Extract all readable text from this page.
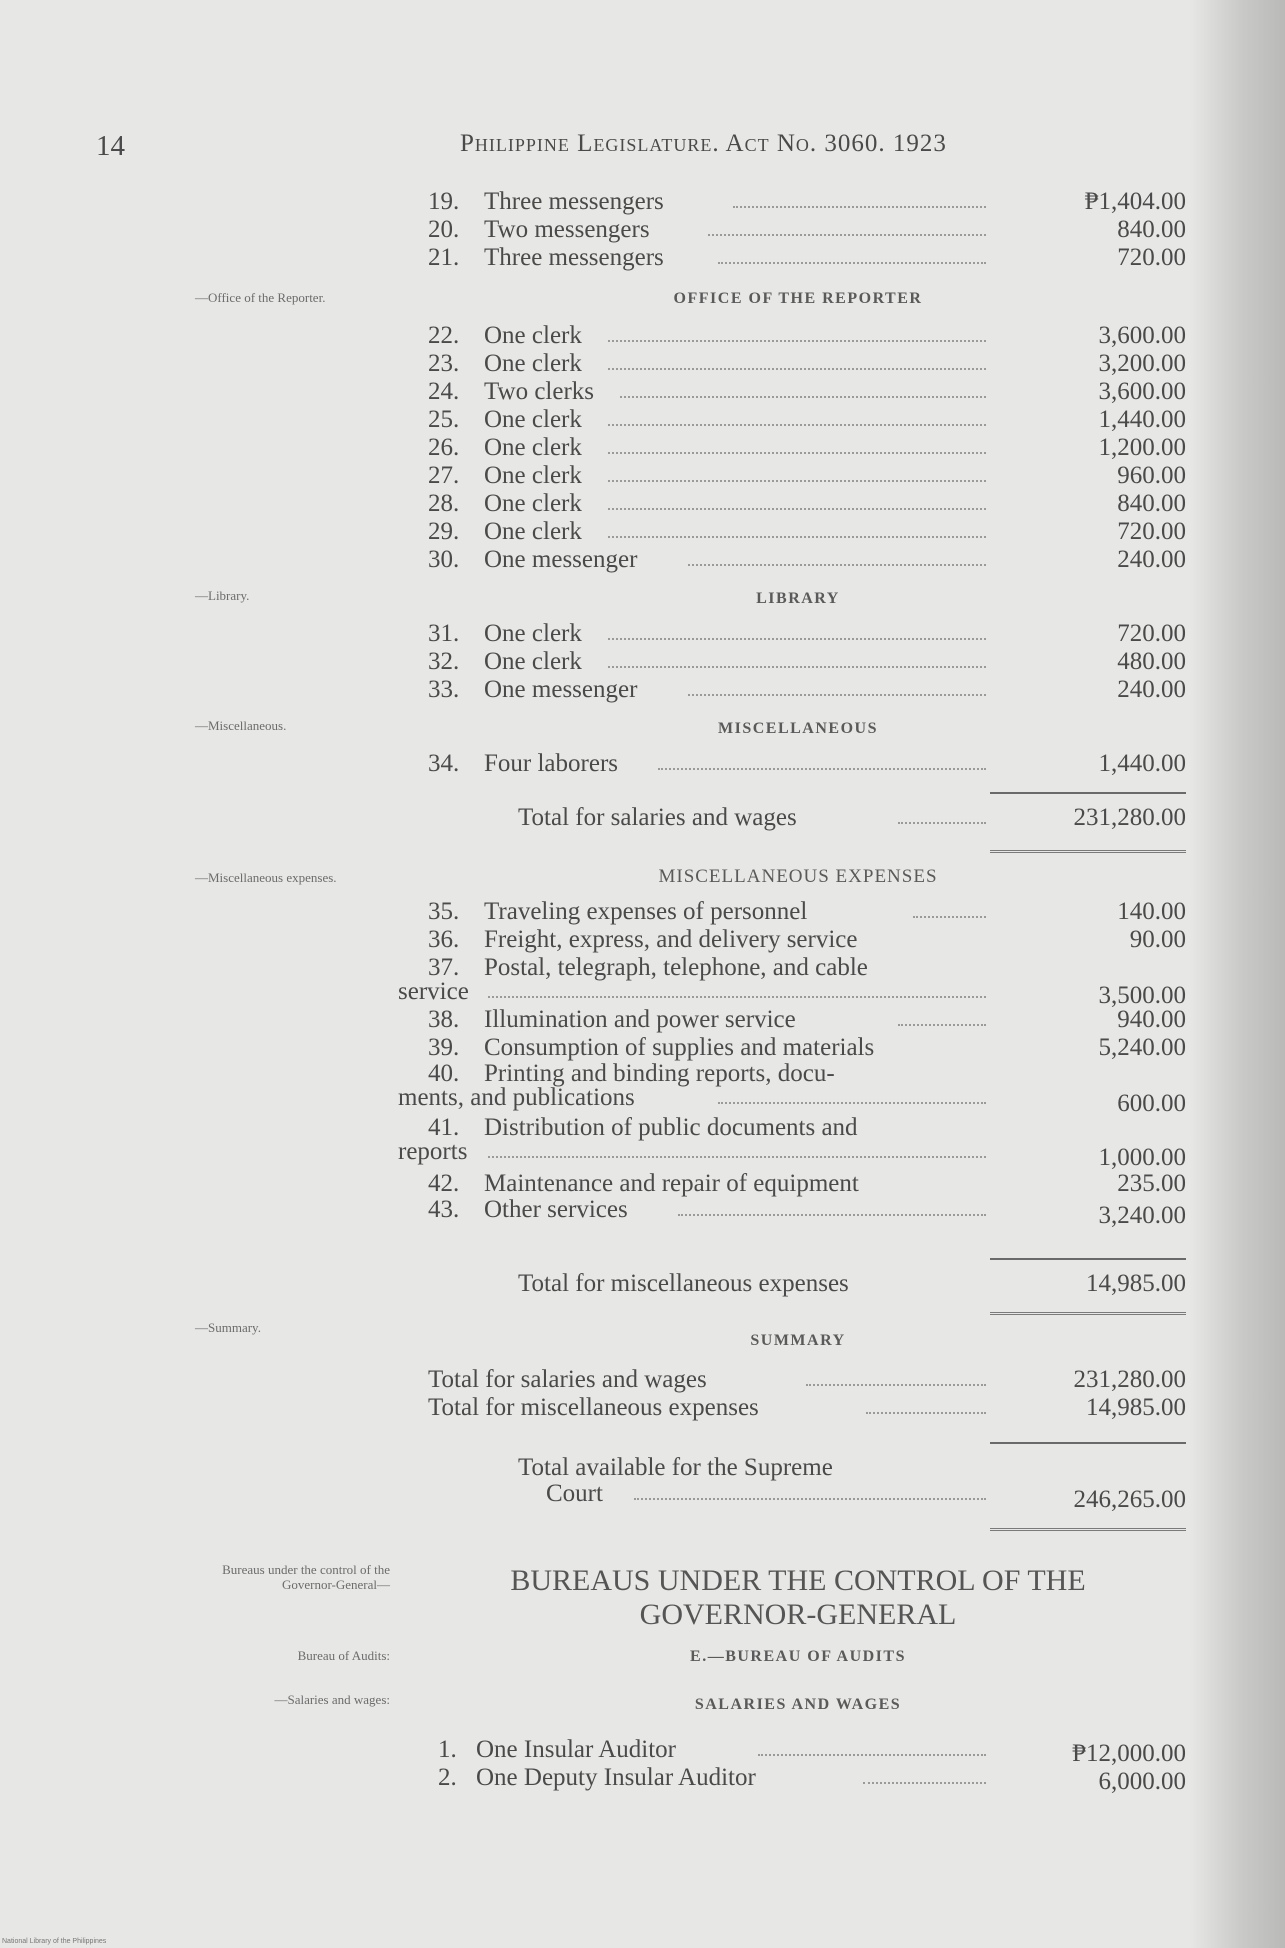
14	Philippine Legislature. Act No. 3060. 1923
—Office of the Reporter.
—Library.
—Miscellaneous.
—Miscellaneous expenses.
—Summary.
Bureaus under the control of the Governor-General—
Bureau of Audits:
—Salaries and wages:
19. Three messengers	₱1,404.00
20. Two messengers	840.00
21. Three messengers	720.00
OFFICE OF THE REPORTER
22. One clerk	3,600.00
23. One clerk	3,200.00
24. Two clerks	3,600.00
25. One clerk	1,440.00
26. One clerk	1,200.00
27. One clerk	960.00
28. One clerk	840.00
29. One clerk	720.00
30. One messenger	240.00
LIBRARY
31. One clerk	720.00
32. One clerk	480.00
33. One messenger	240.00
MISCELLANEOUS
34. Four laborers	1,440.00
Total for salaries and wages	231,280.00
MISCELLANEOUS EXPENSES
35. Traveling expenses of personnel	140.00
36. Freight, express, and delivery service	90.00
37. Postal, telegraph, telephone, and cable
service	3,500.00
38. Illumination and power service	940.00
39. Consumption of supplies and materials	5,240.00
40. Printing and binding reports, docu-
ments, and publications	600.00
41. Distribution of public documents and
reports	1,000.00
42. Maintenance and repair of equipment	235.00
43. Other services	3,240.00
Total for miscellaneous expenses	14,985.00
SUMMARY
Total for salaries and wages	231,280.00
Total for miscellaneous expenses	14,985.00
Total available for the Supreme
Court	246,265.00
BUREAUS UNDER THE CONTROL OF THE
GOVERNOR-GENERAL
E.—BUREAU OF AUDITS
SALARIES AND WAGES
1. One Insular Auditor	₱12,000.00
2. One Deputy Insular Auditor	6,000.00
National Library of the Philippines
